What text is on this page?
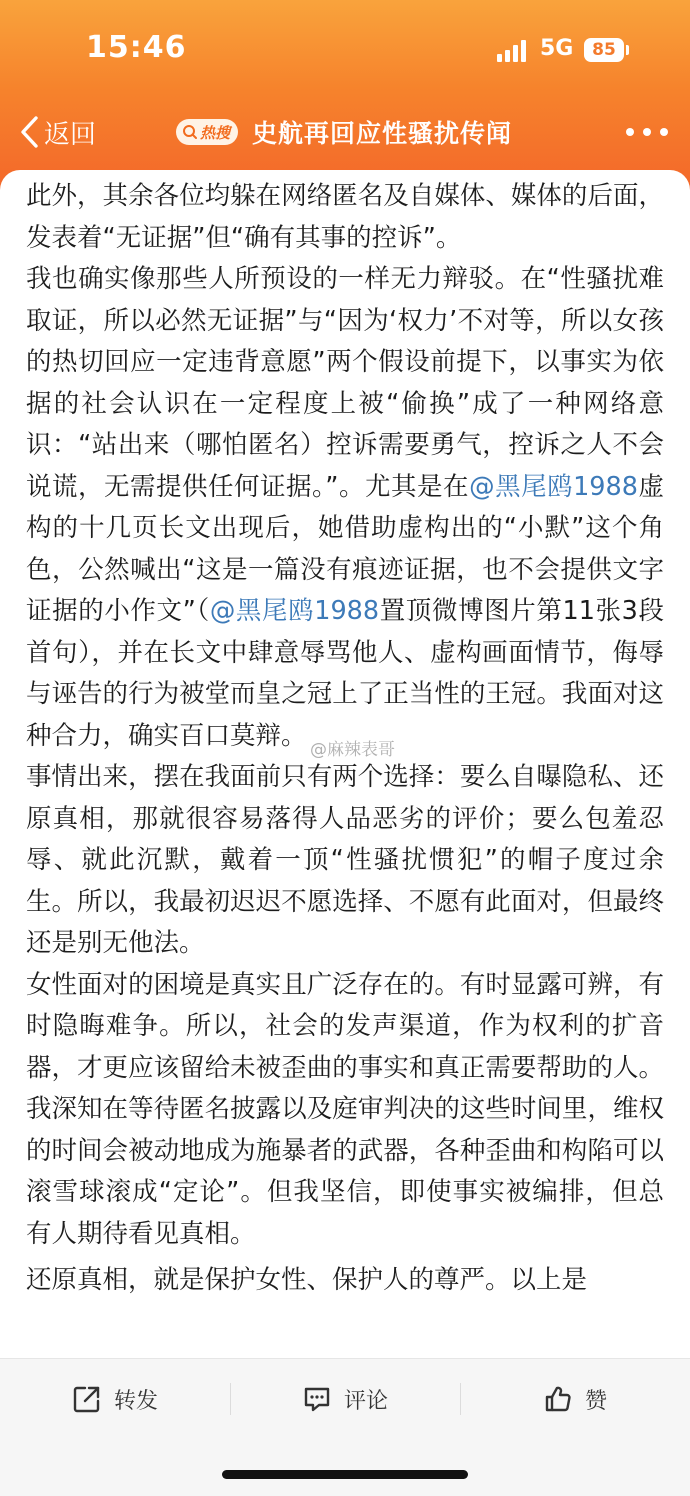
15:46	5G	85
返回	热搜 史航再回应性骚扰传闻

此外，其余各位均躲在网络匿名及自媒体、媒体的后面，发表着“无证据”但“确有其事的控诉”。

我也确实像那些人所预设的一样无力辩驳。在“性骚扰难取证，所以必然无证据”与“因为‘权力’不对等，所以女孩的热切回应一定违背意愿”两个假设前提下，以事实为依据的社会认识在一定程度上被“偷换”成了一种网络意识：“站出来（哪怕匿名）控诉需要勇气，控诉之人不会说谎，无需提供任何证据。”。尤其是在@黑尾鸥1988虚构的十几页长文出现后，她借助虚构出的“小默”这个角色，公然喊出“这是一篇没有痕迹证据，也不会提供文字证据的小作文”（@黑尾鸥1988置顶微博图片第11张3段首句），并在长文中肆意辱骂他人、虚构画面情节，侮辱与诬告的行为被堂而皇之冠上了正当性的王冠。我面对这种合力，确实百口莫辩。

事情出来，摆在我面前只有两个选择：要么自曝隐私、还原真相，那就很容易落得人品恶劣的评价；要么包羞忍辱、就此沉默，戴着一顶“性骚扰惯犯”的帽子度过余生。所以，我最初迟迟不愿选择、不愿有此面对，但最终还是别无他法。

女性面对的困境是真实且广泛存在的。有时显露可辨，有时隐晦难争。所以，社会的发声渠道，作为权利的扩音器，才更应该留给未被歪曲的事实和真正需要帮助的人。我深知在等待匿名披露以及庭审判决的这些时间里，维权的时间会被动地成为施暴者的武器，各种歪曲和构陷可以滚雪球滚成“定论”。但我坚信，即使事实被编排，但总有人期待看见真相。

还原真相，就是保护女性、保护人的尊严。以上是

@麻辣表哥
转发	评论	赞
